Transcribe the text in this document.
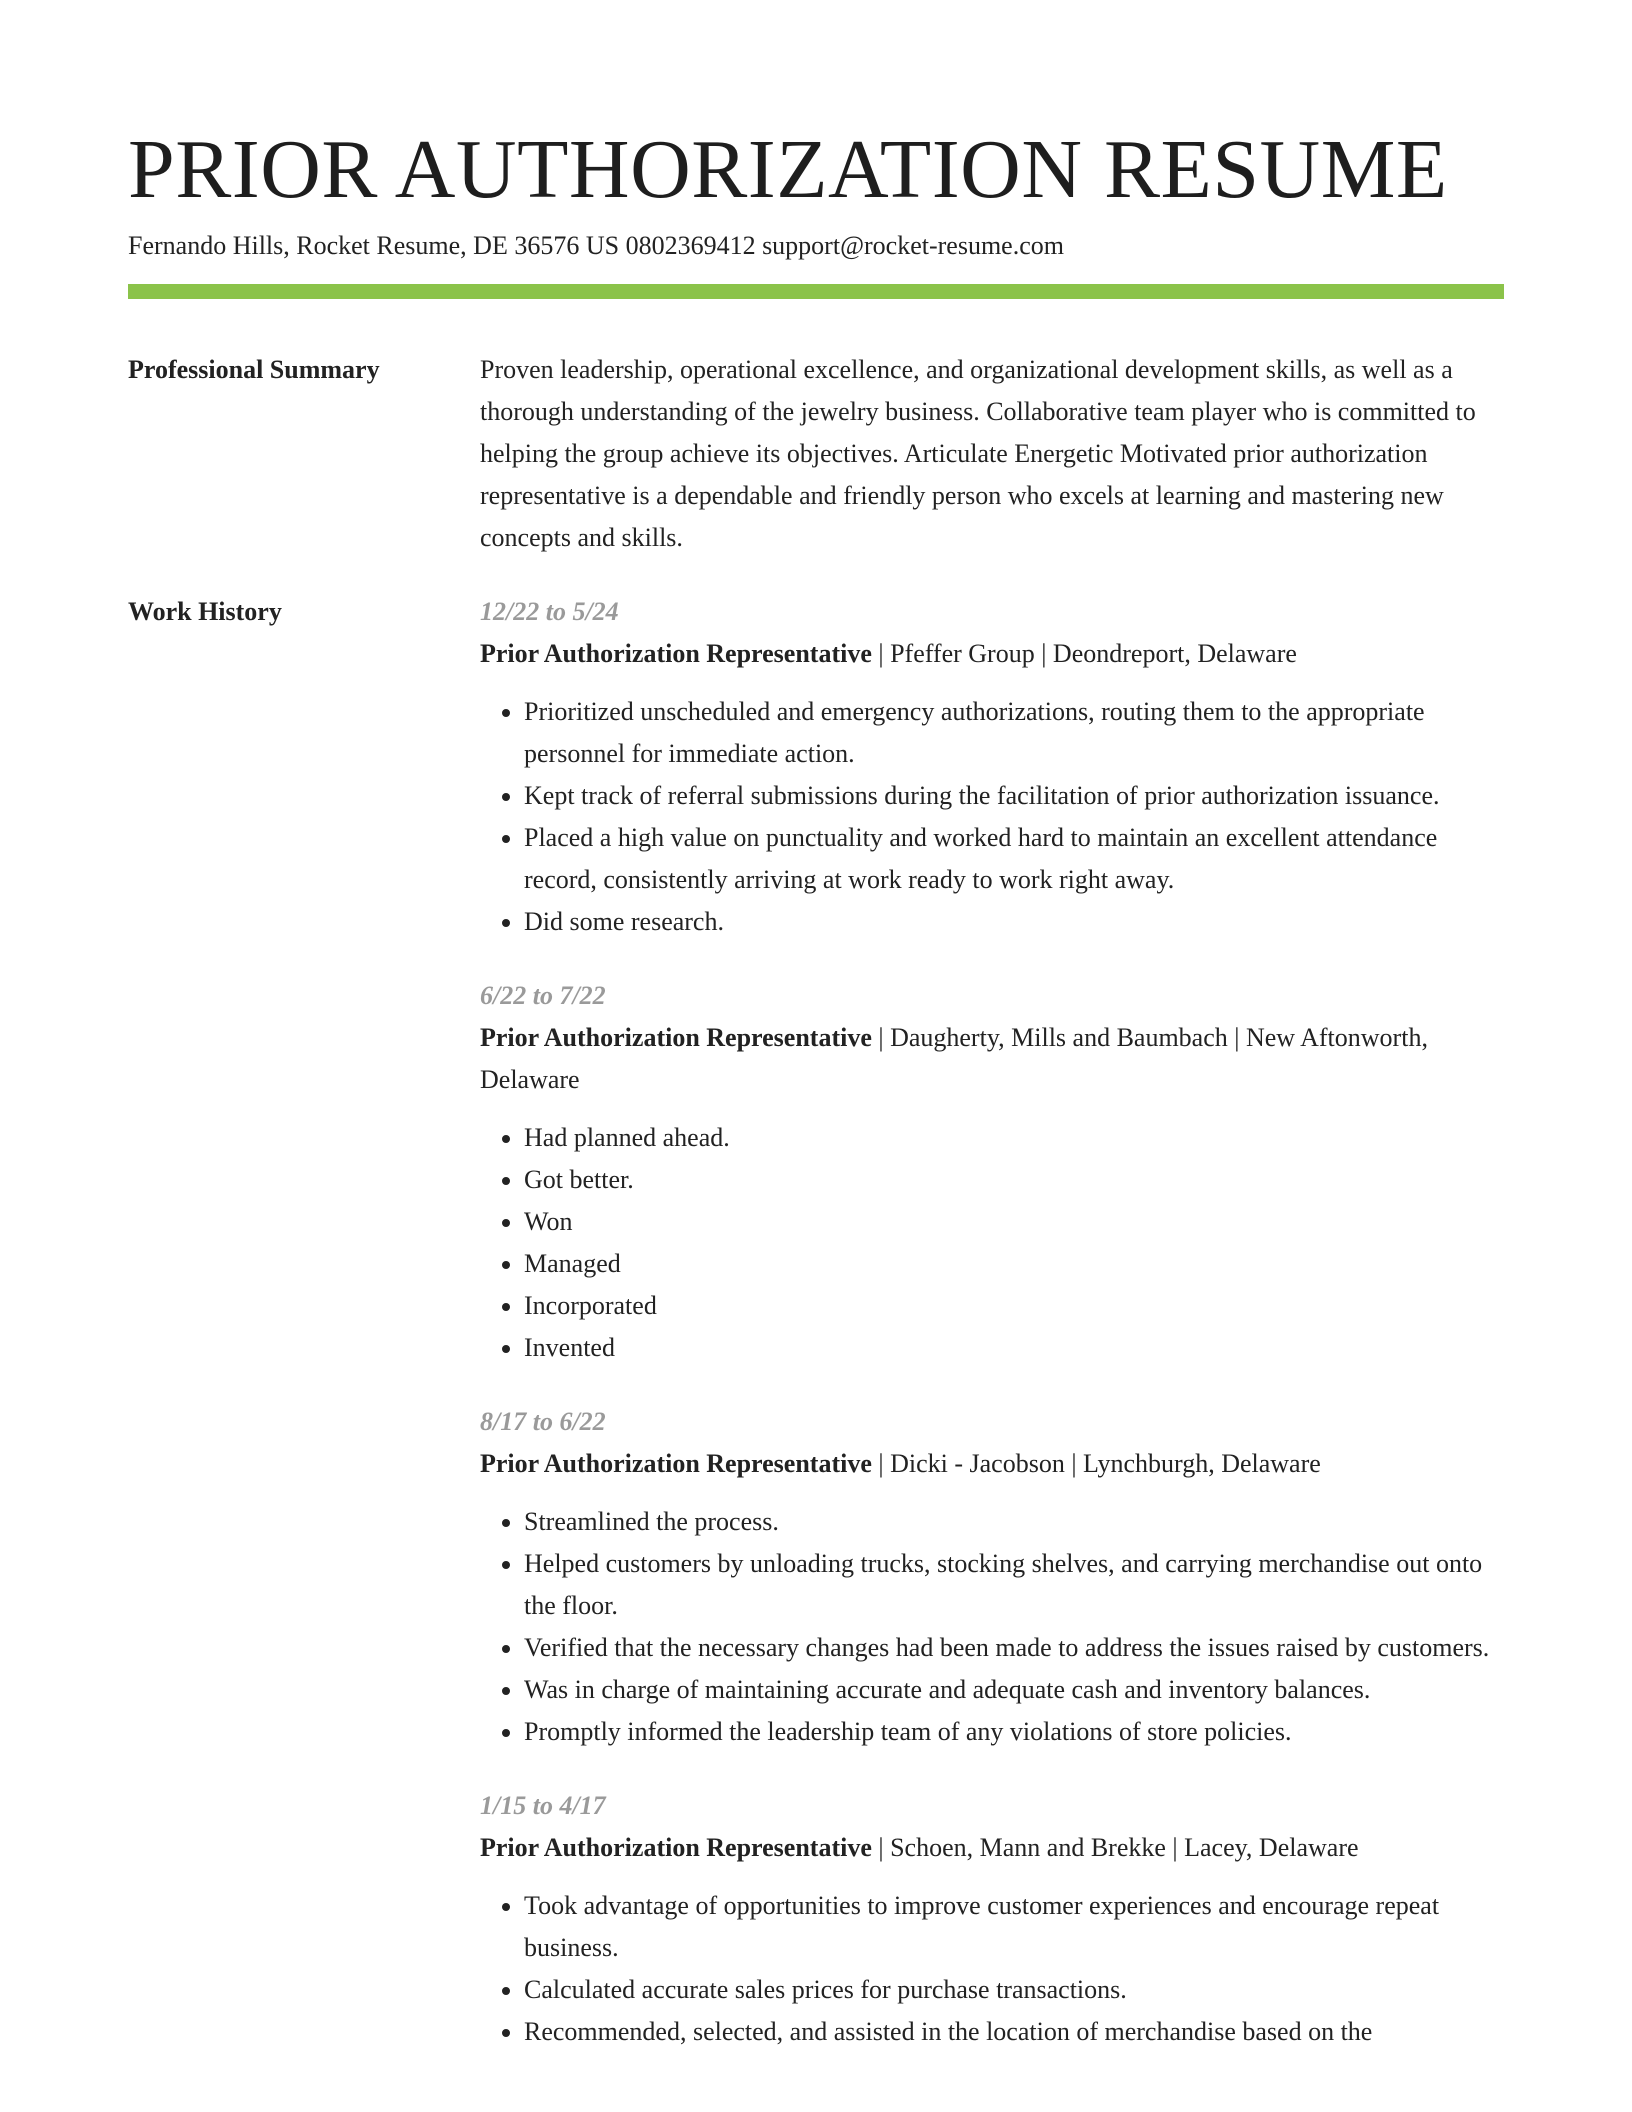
PRIOR AUTHORIZATION RESUME
Fernando Hills, Rocket Resume, DE 36576 US 0802369412 support@rocket-resume.com
Professional Summary	Proven leadership, operational excellence, and organizational development skills, as well as a thorough understanding of the jewelry business. Collaborative team player who is committed to helping the group achieve its objectives. Articulate Energetic Motivated prior authorization representative is a dependable and friendly person who excels at learning and mastering new concepts and skills.
Work History	12/22 to 5/24
Prior Authorization Representative | Pfeffer Group | Deondreport, Delaware
• Prioritized unscheduled and emergency authorizations, routing them to the appropriate personnel for immediate action.
• Kept track of referral submissions during the facilitation of prior authorization issuance.
• Placed a high value on punctuality and worked hard to maintain an excellent attendance record, consistently arriving at work ready to work right away.
• Did some research.
6/22 to 7/22
Prior Authorization Representative | Daugherty, Mills and Baumbach | New Aftonworth, Delaware
• Had planned ahead.
• Got better.
• Won
• Managed
• Incorporated
• Invented
8/17 to 6/22
Prior Authorization Representative | Dicki - Jacobson | Lynchburgh, Delaware
• Streamlined the process.
• Helped customers by unloading trucks, stocking shelves, and carrying merchandise out onto the floor.
• Verified that the necessary changes had been made to address the issues raised by customers.
• Was in charge of maintaining accurate and adequate cash and inventory balances.
• Promptly informed the leadership team of any violations of store policies.
1/15 to 4/17
Prior Authorization Representative | Schoen, Mann and Brekke | Lacey, Delaware
• Took advantage of opportunities to improve customer experiences and encourage repeat business.
• Calculated accurate sales prices for purchase transactions.
• Recommended, selected, and assisted in the location of merchandise based on the
